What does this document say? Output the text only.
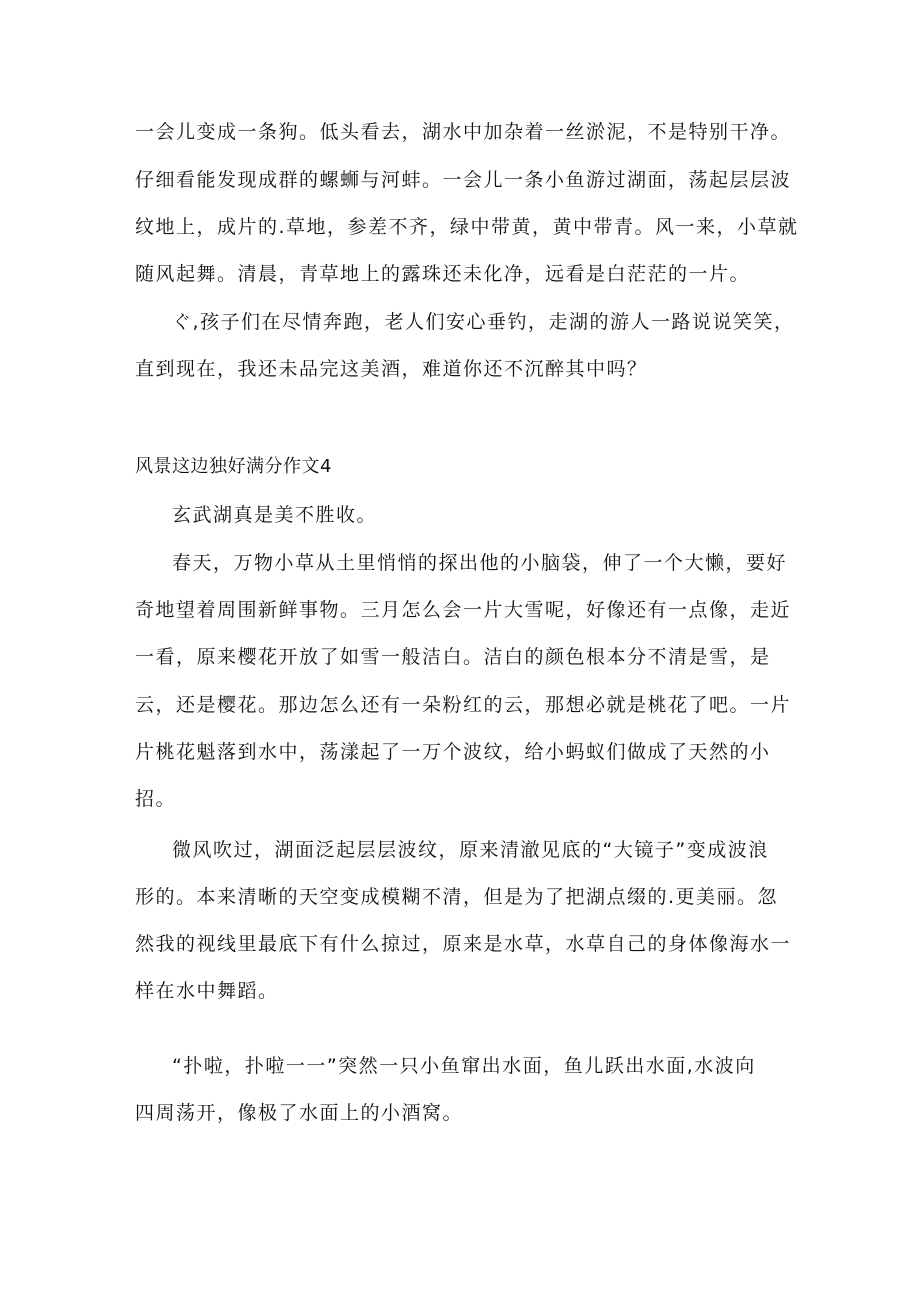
一会儿变成一条狗。低头看去，湖水中加杂着一丝淤泥，不是特别干净。
仔细看能发现成群的螺蛳与河蚌。一会儿一条小鱼游过湖面，荡起层层波
纹地上，成片的.草地，参差不齐，绿中带黄，黄中带青。风一来，小草就
随风起舞。清晨，青草地上的露珠还未化净，远看是白茫茫的一片。
ぐ,孩子们在尽情奔跑，老人们安心垂钓，走湖的游人一路说说笑笑，
直到现在，我还未品完这美酒，难道你还不沉醉其中吗？
风景这边独好满分作文4
玄武湖真是美不胜收。
春天，万物小草从土里悄悄的探出他的小脑袋，伸了一个大懒，要好
奇地望着周围新鲜事物。三月怎么会一片大雪呢，好像还有一点像，走近
一看，原来樱花开放了如雪一般洁白。洁白的颜色根本分不清是雪，是
云，还是樱花。那边怎么还有一朵粉红的云，那想必就是桃花了吧。一片
片桃花魁落到水中，荡漾起了一万个波纹，给小蚂蚁们做成了天然的小
招。
微风吹过，湖面泛起层层波纹，原来清澈见底的“大镜子”变成波浪
形的。本来清晰的天空变成模糊不清，但是为了把湖点缀的.更美丽。忽
然我的视线里最底下有什么掠过，原来是水草，水草自己的身体像海水一
样在水中舞蹈。
“扑啦，扑啦一一”突然一只小鱼窜出水面，鱼儿跃出水面,水波向
四周荡开，像极了水面上的小酒窝。
